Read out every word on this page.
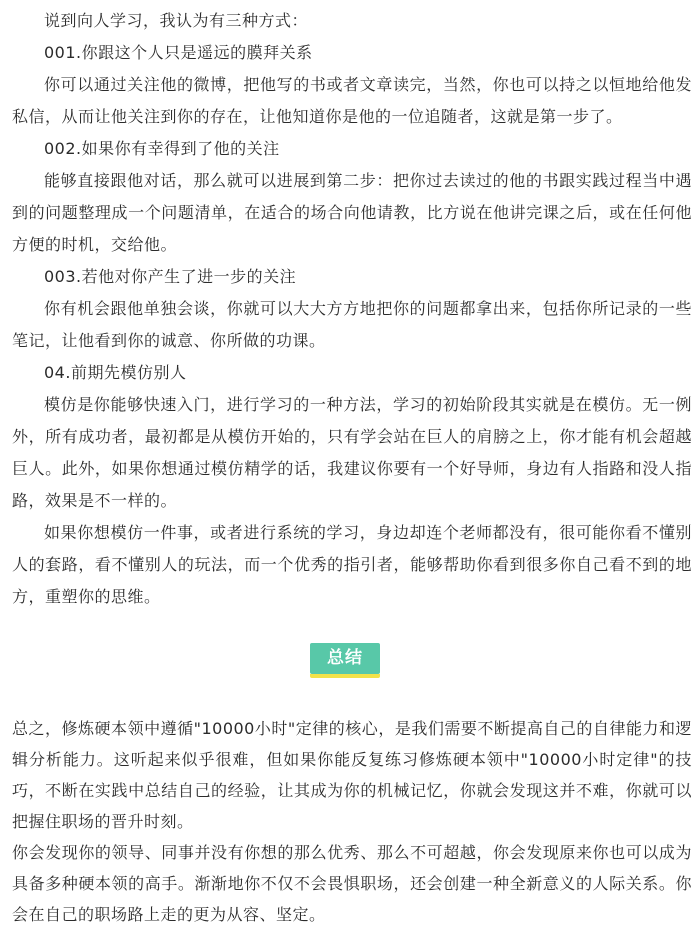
说到向人学习，我认为有三种方式：

001.你跟这个人只是遥远的膜拜关系

你可以通过关注他的微博，把他写的书或者文章读完，当然，你也可以持之以恒地给他发私信，从而让他关注到你的存在，让他知道你是他的一位追随者，这就是第一步了。

002.如果你有幸得到了他的关注

能够直接跟他对话，那么就可以进展到第二步：把你过去读过的他的书跟实践过程当中遇到的问题整理成一个问题清单，在适合的场合向他请教，比方说在他讲完课之后，或在任何他方便的时机，交给他。

003.若他对你产生了进一步的关注

你有机会跟他单独会谈，你就可以大大方方地把你的问题都拿出来，包括你所记录的一些笔记，让他看到你的诚意、你所做的功课。

04.前期先模仿别人

模仿是你能够快速入门，进行学习的一种方法，学习的初始阶段其实就是在模仿。无一例外，所有成功者，最初都是从模仿开始的，只有学会站在巨人的肩膀之上，你才能有机会超越巨人。此外，如果你想通过模仿精学的话，我建议你要有一个好导师，身边有人指路和没人指路，效果是不一样的。

如果你想模仿一件事，或者进行系统的学习，身边却连个老师都没有，很可能你看不懂别人的套路，看不懂别人的玩法，而一个优秀的指引者，能够帮助你看到很多你自己看不到的地方，重塑你的思维。

总结

总之，修炼硬本领中遵循"10000小时"定律的核心，是我们需要不断提高自己的自律能力和逻辑分析能力。这听起来似乎很难，但如果你能反复练习修炼硬本领中"10000小时定律"的技巧，不断在实践中总结自己的经验，让其成为你的机械记忆，你就会发现这并不难，你就可以把握住职场的晋升时刻。

你会发现你的领导、同事并没有你想的那么优秀、那么不可超越，你会发现原来你也可以成为具备多种硬本领的高手。渐渐地你不仅不会畏惧职场，还会创建一种全新意义的人际关系。你会在自己的职场路上走的更为从容、坚定。
